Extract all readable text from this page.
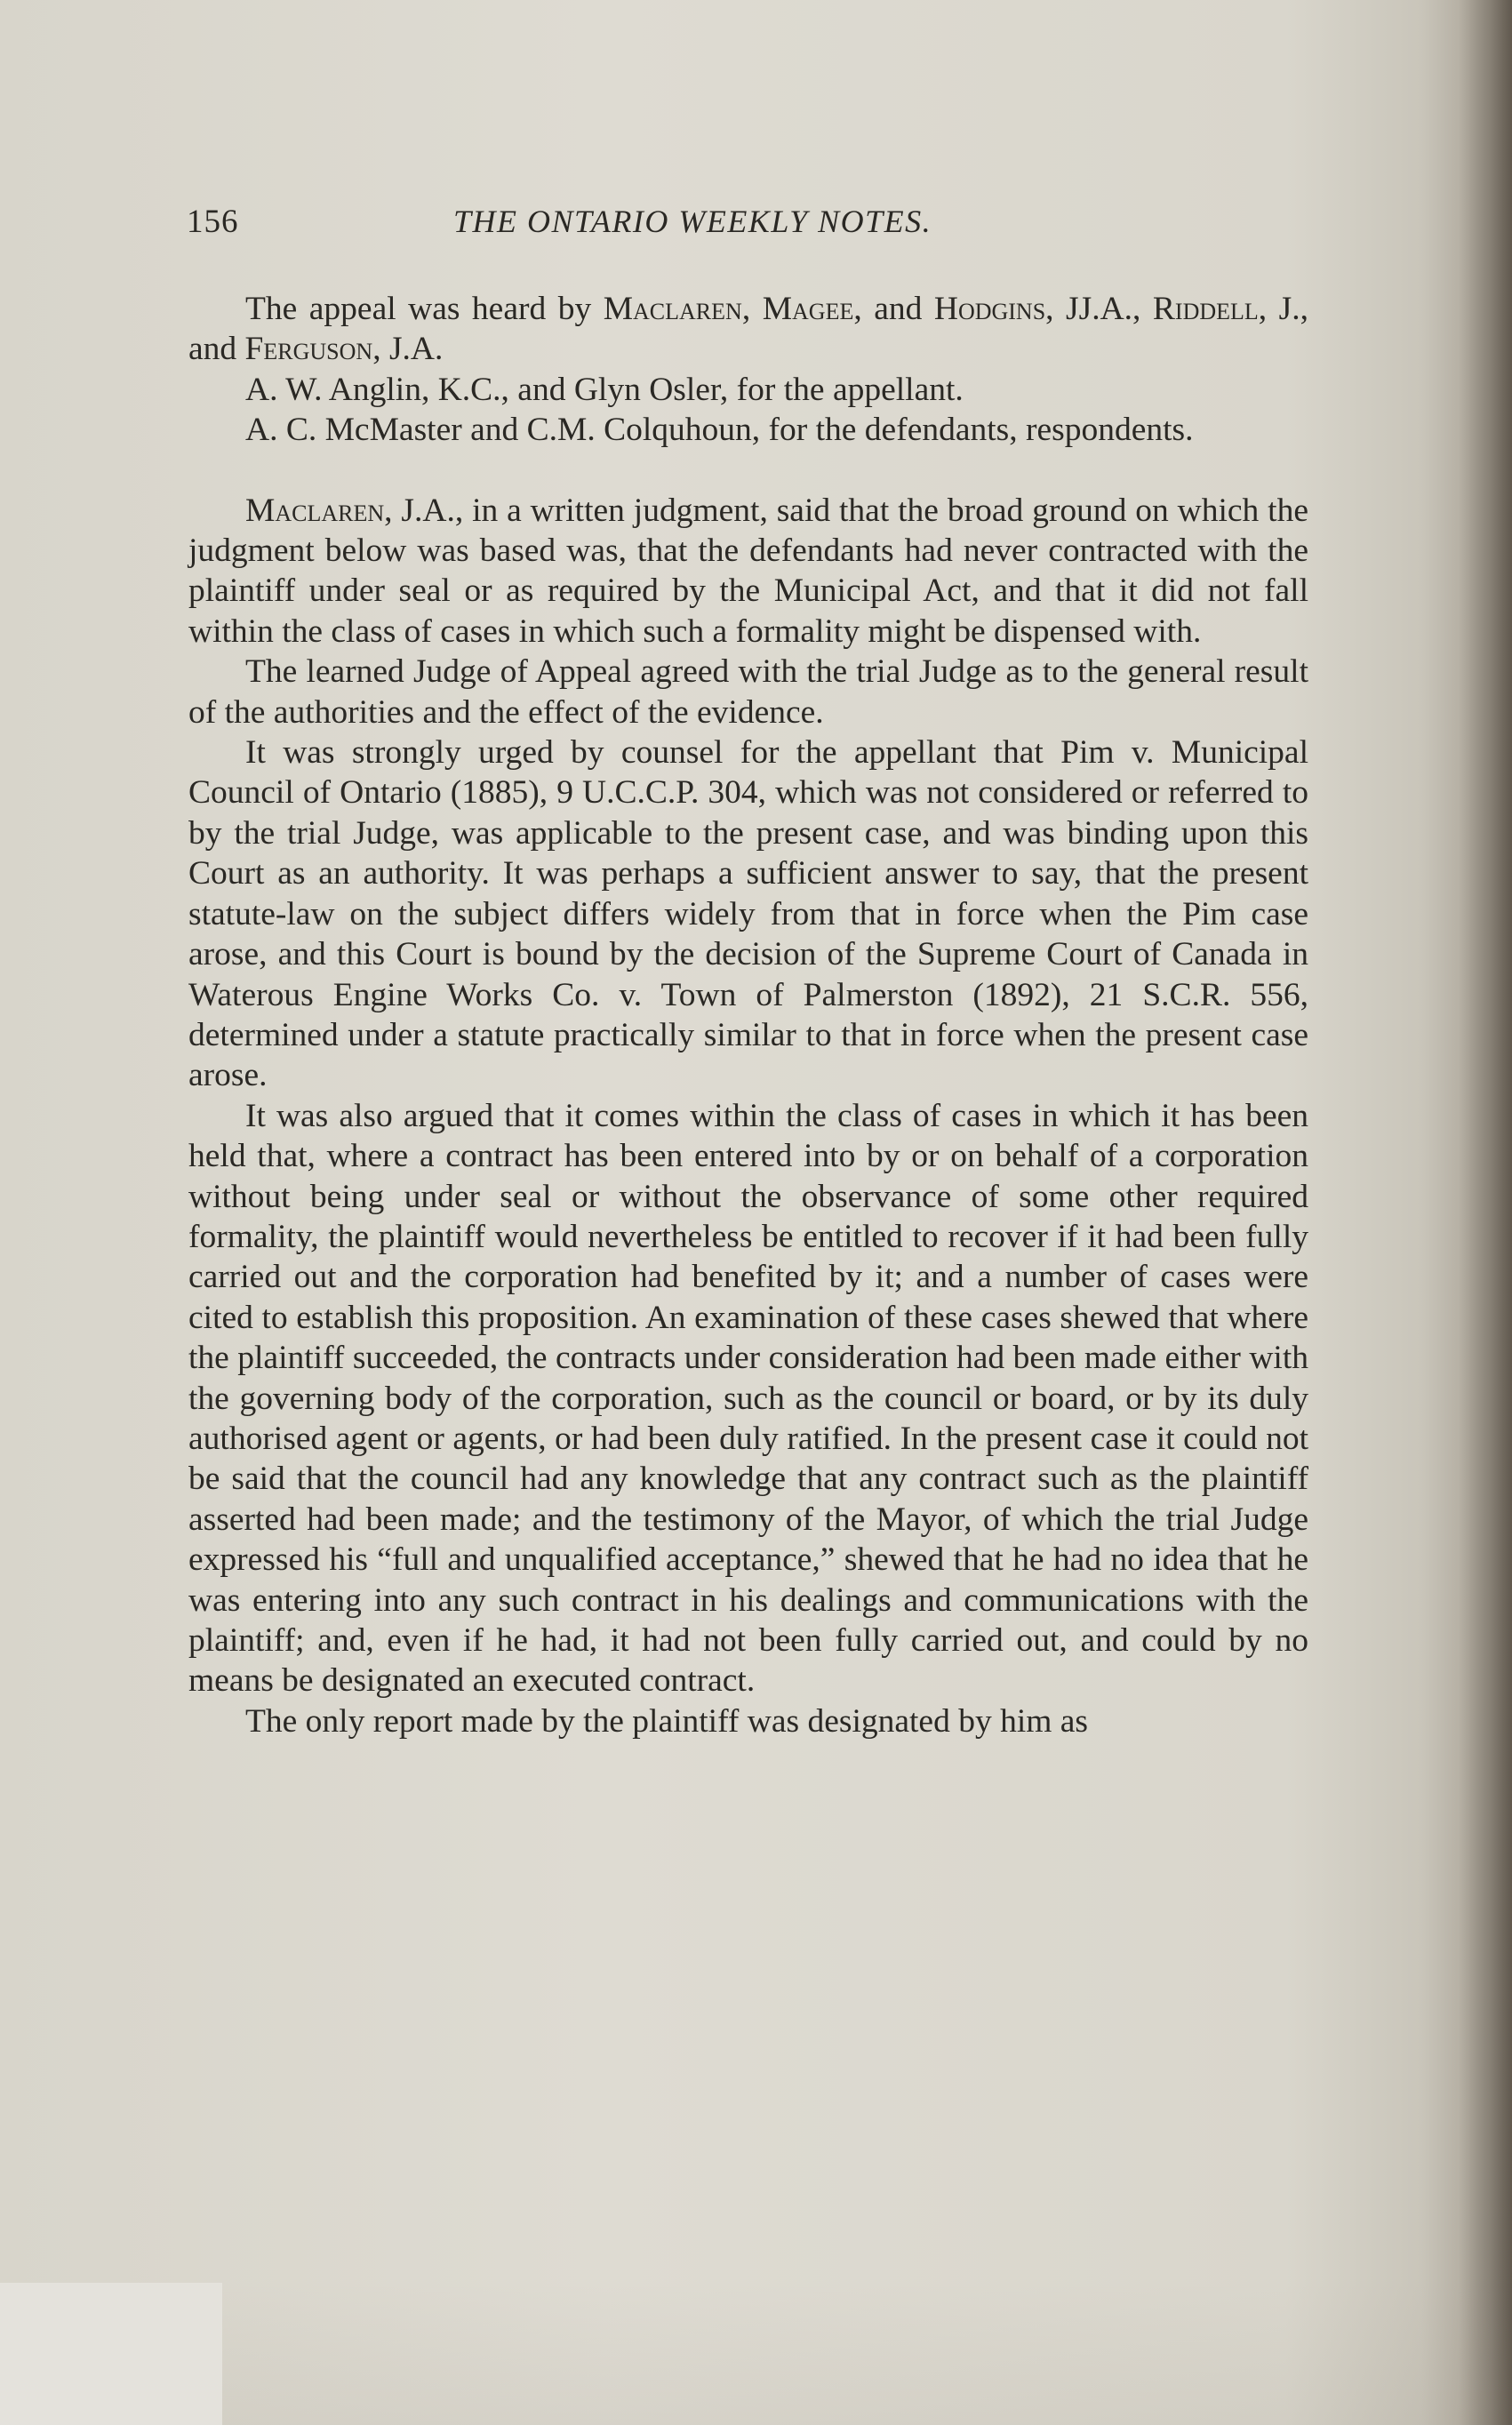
156	THE ONTARIO WEEKLY NOTES.

The appeal was heard by Maclaren, Magee, and Hodgins, JJ.A., Riddell, J., and Ferguson, J.A.

A. W. Anglin, K.C., and Glyn Osler, for the appellant.

A. C. McMaster and C.M. Colquhoun, for the defendants, respondents.

Maclaren, J.A., in a written judgment, said that the broad ground on which the judgment below was based was, that the defendants had never contracted with the plaintiff under seal or as required by the Municipal Act, and that it did not fall within the class of cases in which such a formality might be dispensed with.

The learned Judge of Appeal agreed with the trial Judge as to the general result of the authorities and the effect of the evidence.

It was strongly urged by counsel for the appellant that Pim v. Municipal Council of Ontario (1885), 9 U.C.C.P. 304, which was not considered or referred to by the trial Judge, was applicable to the present case, and was binding upon this Court as an authority. It was perhaps a sufficient answer to say, that the present statute-law on the subject differs widely from that in force when the Pim case arose, and this Court is bound by the decision of the Supreme Court of Canada in Waterous Engine Works Co. v. Town of Palmerston (1892), 21 S.C.R. 556, determined under a statute practically similar to that in force when the present case arose.

It was also argued that it comes within the class of cases in which it has been held that, where a contract has been entered into by or on behalf of a corporation without being under seal or without the observance of some other required formality, the plaintiff would nevertheless be entitled to recover if it had been fully carried out and the corporation had benefited by it; and a number of cases were cited to establish this proposition. An examination of these cases shewed that where the plaintiff succeeded, the contracts under consideration had been made either with the governing body of the corporation, such as the council or board, or by its duly authorised agent or agents, or had been duly ratified. In the present case it could not be said that the council had any knowledge that any contract such as the plaintiff asserted had been made; and the testimony of the Mayor, of which the trial Judge expressed his “full and unqualified acceptance,” shewed that he had no idea that he was entering into any such contract in his dealings and communications with the plaintiff; and, even if he had, it had not been fully carried out, and could by no means be designated an executed contract.

The only report made by the plaintiff was designated by him as
